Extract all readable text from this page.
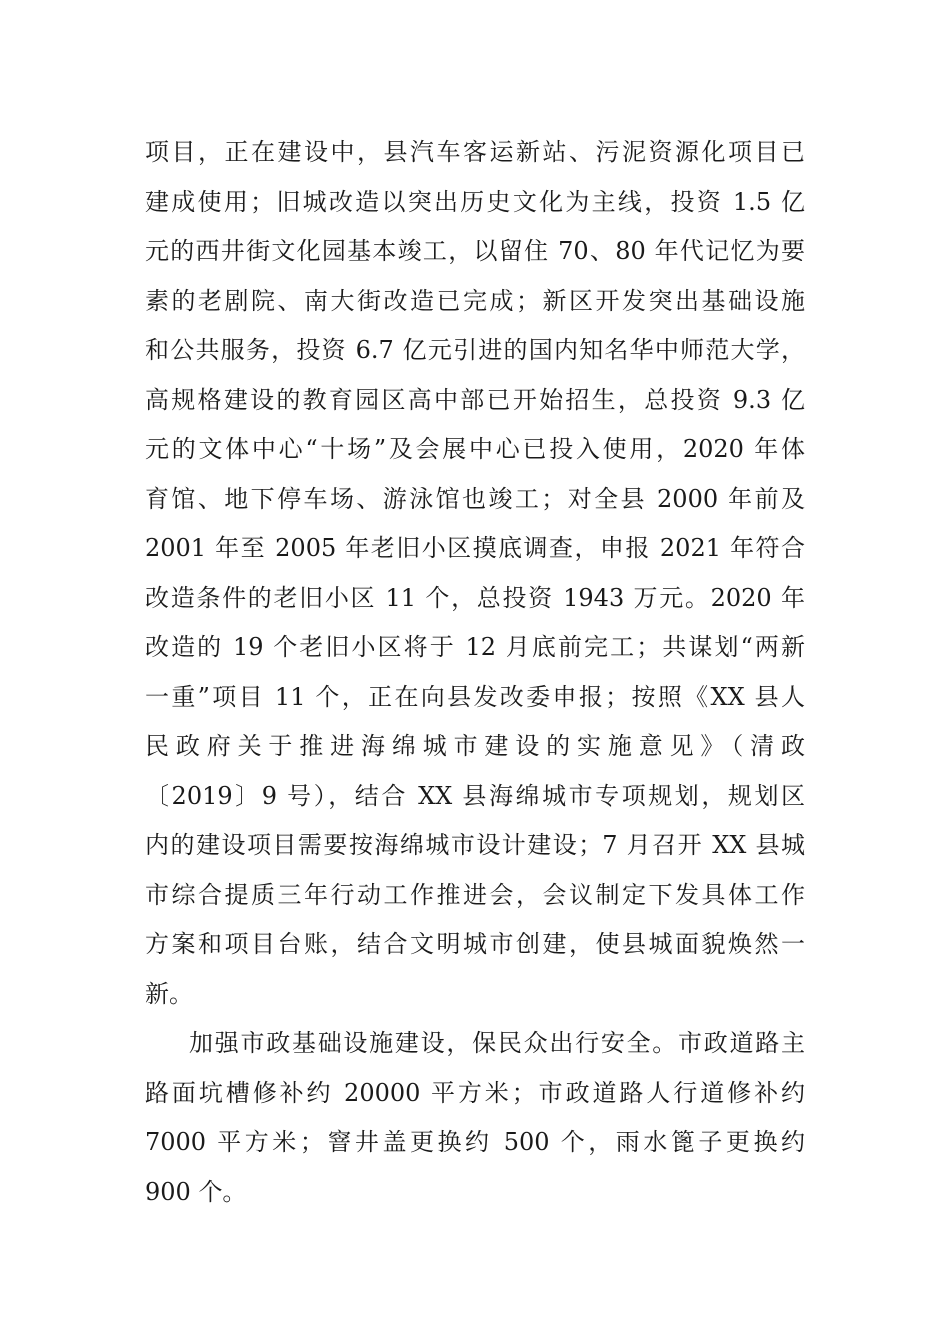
项目，正在建设中，县汽车客运新站、污泥资源化项目已
建成使用；旧城改造以突出历史文化为主线，投资 1.5 亿
元的西井街文化园基本竣工，以留住 70、80 年代记忆为要
素的老剧院、南大街改造已完成；新区开发突出基础设施
和公共服务，投资 6.7 亿元引进的国内知名华中师范大学，
高规格建设的教育园区高中部已开始招生，总投资 9.3 亿
元的文体中心“十场”及会展中心已投入使用，2020 年体
育馆、地下停车场、游泳馆也竣工；对全县 2000 年前及
2001 年至 2005 年老旧小区摸底调查，申报 2021 年符合
改造条件的老旧小区 11 个，总投资 1943 万元。2020 年
改造的 19 个老旧小区将于 12 月底前完工；共谋划“两新
一重”项目 11 个，正在向县发改委申报；按照《XX 县人
民政府关于推进海绵城市建设的实施意见》（清政
〔2019〕9 号），结合 XX 县海绵城市专项规划，规划区
内的建设项目需要按海绵城市设计建设；7 月召开 XX 县城
市综合提质三年行动工作推进会，会议制定下发具体工作
方案和项目台账，结合文明城市创建，使县城面貌焕然一
新。
加强市政基础设施建设，保民众出行安全。市政道路主
路面坑槽修补约 20000 平方米；市政道路人行道修补约
7000 平方米；窨井盖更换约 500 个，雨水篦子更换约
900 个。
